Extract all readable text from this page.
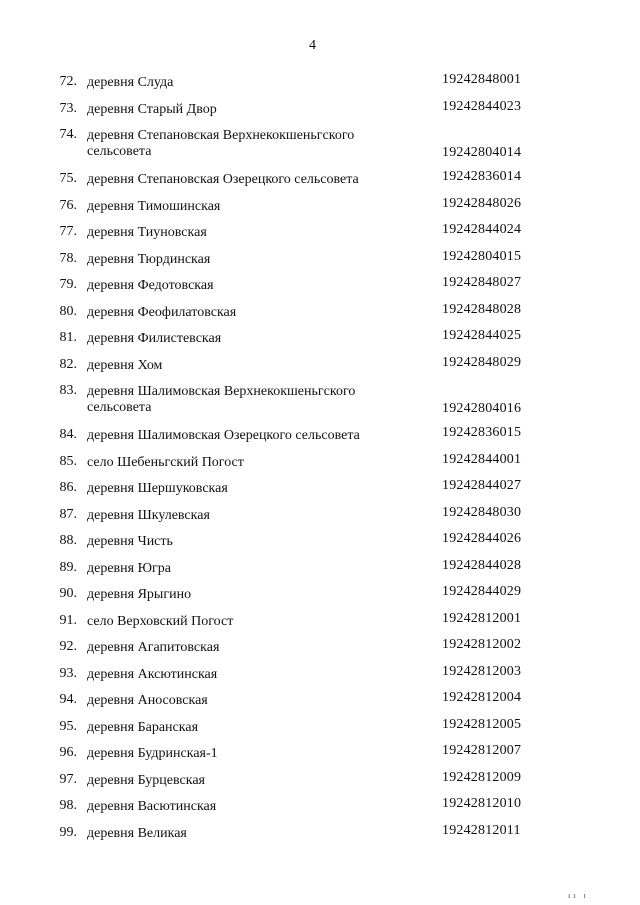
4
72. деревня Слуда	19242848001
73. деревня Старый Двор	19242844023
74. деревня Степановская Верхнекокшеньгского сельсовета	19242804014
75. деревня Степановская Озерецкого сельсовета	19242836014
76. деревня Тимошинская	19242848026
77. деревня Тиуновская	19242844024
78. деревня Тюрдинская	19242804015
79. деревня Федотовская	19242848027
80. деревня Феофилатовская	19242848028
81. деревня Филистевская	19242844025
82. деревня Хом	19242848029
83. деревня Шалимовская Верхнекокшеньгского сельсовета	19242804016
84. деревня Шалимовская Озерецкого сельсовета	19242836015
85. село Шебеньгский Погост	19242844001
86. деревня Шершуковская	19242844027
87. деревня Шкулевская	19242848030
88. деревня Чисть	19242844026
89. деревня Югра	19242844028
90. деревня Ярыгино	19242844029
91. село Верховский Погост	19242812001
92. деревня Агапитовская	19242812002
93. деревня Аксютинская	19242812003
94. деревня Аносовская	19242812004
95. деревня Баранская	19242812005
96. деревня Будринская-1	19242812007
97. деревня Бурцевская	19242812009
98. деревня Васютинская	19242812010
99. деревня Великая	19242812011
ıı ı
